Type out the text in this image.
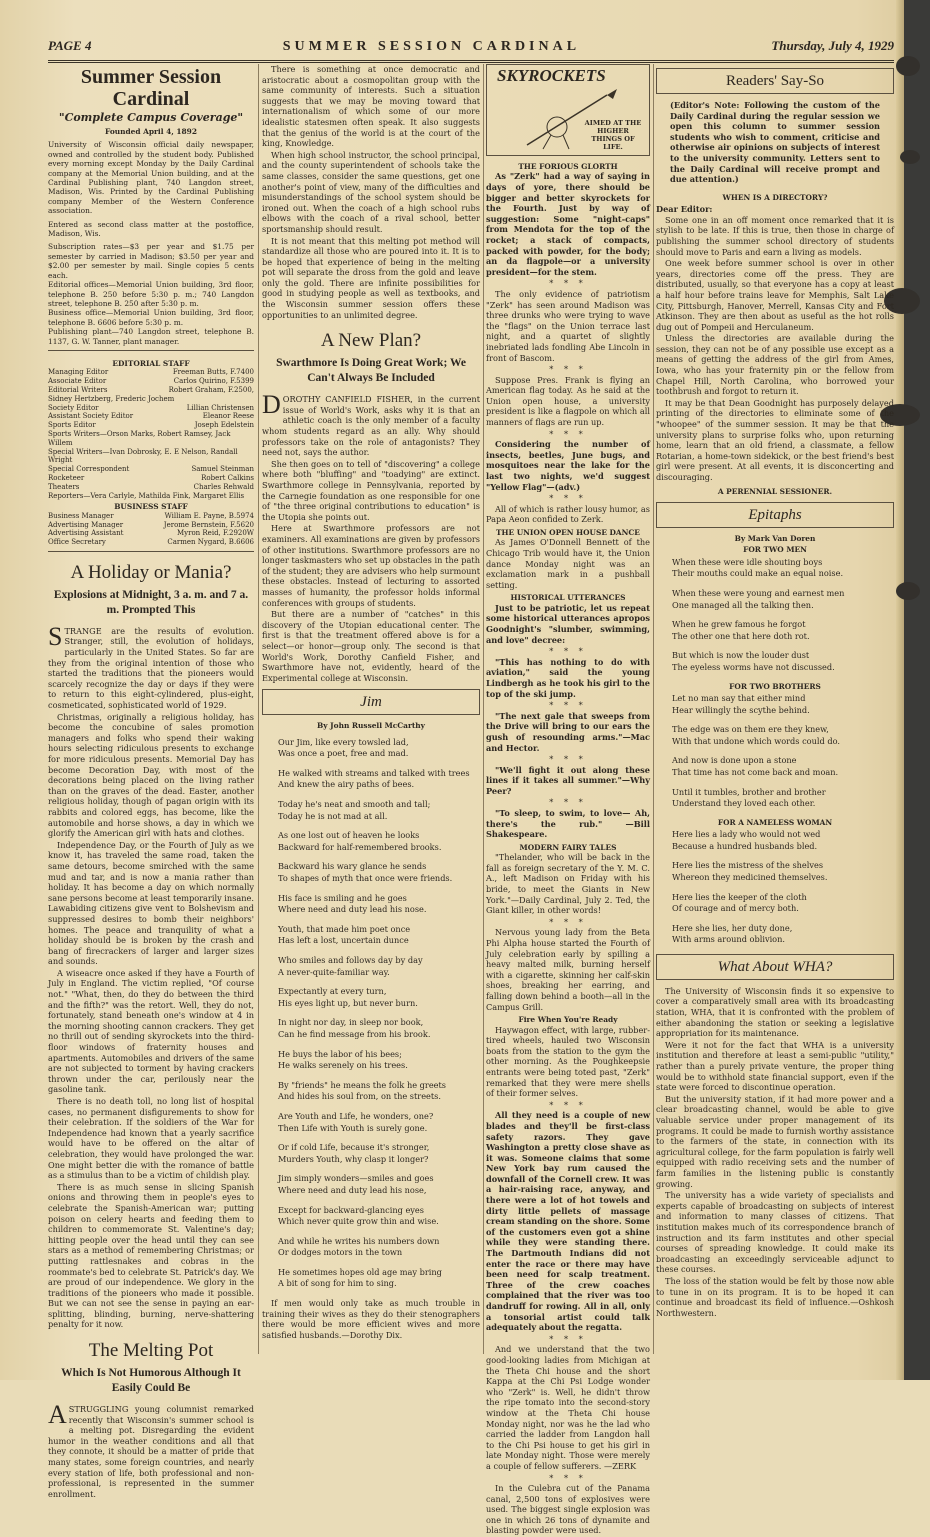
PAGE 4	SUMMER SESSION CARDINAL	Thursday, July 4, 1929
Summer Session Cardinal
"Complete Campus Coverage"
Founded April 4, 1892
University of Wisconsin official daily newspaper, owned and controlled by the student body. Published every morning except Monday by the Daily Cardinal company at the Memorial Union building, and at the Cardinal Publishing plant, 740 Langdon street, Madison, Wis. Printed by the Cardinal Publishing company Member of the Western Conference association.
Entered as second class matter at the postoffice, Madison, Wis.
Subscription rates—$3 per year and $1.75 per semester by carried in Madison; $3.50 per year and $2.00 per semester by mail. Single copies 5 cents each.
Editorial offices—Memorial Union building, 3rd floor, telephone B. 250 before 5:30 p. m.; 740 Langdon street, telephone B. 250 after 5:30 p. m.
Business office—Memorial Union building, 3rd floor, telephone B. 6606 before 5:30 p. m.
Publishing plant—740 Langdon street, telephone B. 1137, G. W. Tanner, plant manager.
EDITORIAL STAFF
Managing Editor	Freeman Butts, F.7400
Associate Editor	Carlos Quirino, F.5399
Editorial Writers	Robert Graham, F.2500,
Sidney Hertzberg, Frederic Jochem
Society Editor	Lillian Christensen
Assistant Society Editor	Eleanor Reese
Sports Editor	Joseph Edelstein
Sports Writers—Orson Marks, Robert Ramsey, Jack
Willem
Special Writers—Ivan Dobrosky, E. E Nelson, Randall
Wright
Special Correspondent	Samuel Steinman
Rocketeer	Robert Calkins
Theaters	Charles Rehwald
Reporters—Vera Carlyle, Mathilda Fink, Margaret Ellis
BUSINESS STAFF
Business Manager	William E. Payne, B.5974
Advertising Manager	Jerome Bernstein, F.5620
Advertising Assistant	Myron Reid, F.2920W
Office Secretary	Carmen Nygard, B.6606
A Holiday or Mania?
Explosions at Midnight, 3 a. m. and 7 a. m. Prompted This

STRANGE are the results of evolution. Stranger, still, the evolution of holidays, particularly in the United States. So far are they from the original intention of those who started the traditions that the pioneers would scarcely recognize the day or days if they were to return to this eight-cylindered, plus-eight, cosmeticated, sophisticated world of 1929.

Christmas, originally a religious holiday, has become the concubine of sales promotion managers and folks who spend their waking hours selecting ridiculous presents to exchange for more ridiculous presents. Memorial Day has become Decoration Day, with most of the decorations being placed on the living rather than on the graves of the dead. Easter, another religious holiday, though of pagan origin with its rabbits and colored eggs, has become, like the automobile and horse shows, a day in which we glorify the American girl with hats and clothes.

Independence Day, or the Fourth of July as we know it, has traveled the same road, taken the same detours, become smirched with the same mud and tar, and is now a mania rather than holiday. It has become a day on which normally sane persons become at least temporarily insane. Lawabiding citizens give vent to Bolshevism and suppressed desires to bomb their neighbors' homes. The peace and tranquility of what a holiday should be is broken by the crash and bang of firecrackers of larger and larger sizes and sounds.

A wiseacre once asked if they have a Fourth of July in England. The victim replied, "Of course not." "What, then, do they do between the third and the fifth?" was the retort. Well, they do not, fortunately, stand beneath one's window at 4 in the morning shooting cannon crackers. They get no thrill out of sending skyrockets into the third-floor windows of fraternity houses and apartments. Automobiles and drivers of the same are not subjected to torment by having crackers thrown under the car, perilously near the gasoline tank.

There is no death toll, no long list of hospital cases, no permanent disfigurements to show for their celebration. If the soldiers of the War for Independence had known that a yearly sacrifice would have to be offered on the altar of celebration, they would have prolonged the war. One might better die with the romance of battle as a stimulus than to be a victim of childish play.

There is as much sense in slicing Spanish onions and throwing them in people's eyes to celebrate the Spanish-American war; putting poison on celery hearts and feeding them to children to commemorate St. Valentine's day; hitting people over the head until they can see stars as a method of remembering Christmas; or putting rattlesnakes and cobras in the roommate's bed to celebrate St. Patrick's day. We are proud of our independence. We glory in the traditions of the pioneers who made it possible. But we can not see the sense in paying an ear-splitting, blinding, burning, nerve-shattering penalty for it now.

The Melting Pot
Which Is Not Humorous Although It Easily Could Be

ASTRUGGLING young columnist remarked recently that Wisconsin's summer school is a melting pot. Disregarding the evident humor in the weather conditions and all that they connote, it should be a matter of pride that many states, some foreign countries, and nearly every station of life, both professional and non-professional, is represented in the summer enrollment.

There is something at once democratic and aristocratic about a cosmopolitan group with the same community of interests. Such a situation suggests that we may be moving toward that internationalism of which some of our more idealistic statesmen often speak. It also suggests that the genius of the world is at the court of the king, Knowledge.

When high school instructor, the school principal, and the county superintendent of schools take the same classes, consider the same questions, get one another's point of view, many of the difficulties and misunderstandings of the school system should be ironed out. When the coach of a high school rubs elbows with the coach of a rival school, better sportsmanship should result.

It is not meant that this melting pot method will standardize all those who are poured into it. It is to be hoped that experience of being in the melting pot will separate the dross from the gold and leave only the gold. There are infinite possibilities for good in studying people as well as textbooks, and the Wisconsin summer session offers these opportunities to an unlimited degree.

A New Plan?
Swarthmore Is Doing Great Work; We Can't Always Be Included

DOROTHY CANFIELD FISHER, in the current issue of World's Work, asks why it is that an athletic coach is the only member of a faculty whom students regard as an ally. Why should professors take on the role of antagonists? They need not, says the author.

She then goes on to tell of "discovering" a college where both "bluffing" and "toadying" are extinct. Swarthmore college in Pennsylvania, reported by the Carnegie foundation as one responsible for one of "the three original contributions to education" is the Utopia she points out.

Here at Swarthmore professors are not examiners. All examinations are given by professors of other institutions. Swarthmore professors are no longer taskmasters who set up obstacles in the path of the student; they are advisers who help surmount these obstacles. Instead of lecturing to assorted masses of humanity, the professor holds informal conferences with groups of students.

But there are a number of "catches" in this discovery of the Utopian educational center. The first is that the treatment offered above is for a select—or honor—group only. The second is that World's Work, Dorothy Canfield Fisher, and Swarthmore have not, evidently, heard of the Experimental college at Wisconsin.

Jim
By John Russell McCarthy

Our Jim, like every towsled lad,

Was once a poet, free and mad.

He walked with streams and talked with trees

And knew the airy paths of bees.

Today he's neat and smooth and tall;

Today he is not mad at all.

As one lost out of heaven he looks

Backward for half-remembered brooks.

Backward his wary glance he sends

To shapes of myth that once were friends.

His face is smiling and he goes

Where need and duty lead his nose.

Youth, that made him poet once

Has left a lost, uncertain dunce

Who smiles and follows day by day

A never-quite-familiar way.

Expectantly at every turn,

His eyes light up, but never burn.

In night nor day, in sleep nor book,

Can he find message from his brook.

He buys the labor of his bees;

He walks serenely on his trees.

By "friends" he means the folk he greets

And hides his soul from, on the streets.

Are Youth and Life, he wonders, one?

Then Life with Youth is surely gone.

Or if cold Life, because it's stronger,

Murders Youth, why clasp it longer?

Jim simply wonders—smiles and goes

Where need and duty lead his nose,

Except for backward-glancing eyes

Which never quite grow thin and wise.

And while he writes his numbers down

Or dodges motors in the town

He sometimes hopes old age may bring

A bit of song for him to sing.

If men would only take as much trouble in training their wives as they do their stenographers there would be more efficient wives and more satisfied husbands.—Dorothy Dix.

SKYROCKETS
AIMED AT THE HIGHER THINGS OF LIFE.
THE FORIOUS GLORTH

As "Zerk" had a way of saying in days of yore, there should be bigger and better skyrockets for the Fourth. Just by way of suggestion: Some "night-caps" from Mendota for the top of the rocket; a stack of compacts, packed with powder, for the body; an da flagpole—or a university president—for the stem.

* * *

The only evidence of patriotism "Zerk" has seen around Madison was three drunks who were trying to wave the "flags" on the Union terrace last night, and a quartet of slightly inebriated lads fondling Abe Lincoln in front of Bascom.

* * *

Suppose Pres. Frank is flying an American flag today. As he said at the Union open house, a university president is like a flagpole on which all manners of flags are run up.

* * *

Considering the number of insects, beetles, June bugs, and mosquitoes near the lake for the last two nights, we'd suggest "Yellow Flag"—(adv.)

* * *

All of which is rather lousy humor, as Papa Aeon confided to Zerk.

THE UNION OPEN HOUSE DANCE

As James O'Donnell Bennett of the Chicago Trib would have it, the Union dance Monday night was an exclamation mark in a pushball setting.

HISTORICAL UTTERANCES

Just to be patriotic, let us repeat some historical utterances apropos Goodnight's "slumber, swimming, and love" decree:

* * *

"This has nothing to do with aviation," said the young Lindbergh as he took his girl to the top of the ski jump.

* * *

"The next gale that sweeps from the Drive will bring to our ears the gush of resounding arms."—Mac and Hector.

* * *

"We'll fight it out along these lines if it takes all summer."—Why Peer?

* * *

"To sleep, to swim, to love— Ah, there's the rub." —Bill Shakespeare.

MODERN FAIRY TALES

"Thelander, who will be back in the fall as foreign secretary of the Y. M. C. A., left Madison on Friday with his bride, to meet the Giants in New York."—Daily Cardinal, July 2. Ted, the Giant killer, in other words!

* * *

Nervous young lady from the Beta Phi Alpha house started the Fourth of July celebration early by spilling a heavy malted milk, burning herself with a cigarette, skinning her calf-skin shoes, breaking her earring, and falling down behind a booth—all in the Campus Grill.

Fire When You're Ready

Haywagon effect, with large, rubber-tired wheels, hauled two Wisconsin boats from the station to the gym the other morning. As the Poughkeepsie entrants were being toted past, "Zerk" remarked that they were mere shells of their former selves.

* * *

All they need is a couple of new blades and they'll be first-class safety razors. They gave Washington a pretty close shave as it was. Someone claims that some New York bay rum caused the downfall of the Cornell crew. It was a hair-raising race, anyway, and there were a lot of hot towels and dirty little pellets of massage cream standing on the shore. Some of the customers even got a shine while they were standing there. The Dartmouth Indians did not enter the race or there may have been need for scalp treatment. Three of the crew coaches complained that the river was too dandruff for rowing. All in all, only a tonsorial artist could talk adequately about the regatta.

* * *

And we understand that the two good-looking ladies from Michigan at the Theta Chi house and the short Kappa at the Chi Psi Lodge wonder who "Zerk" is. Well, he didn't throw the ripe tomato into the second-story window at the Theta Chi house Monday night, nor was he the lad who carried the ladder from Langdon hall to the Chi Psi house to get his girl in late Monday night. Those were merely a couple of fellow sufferers. —ZERK

* * *

In the Culebra cut of the Panama canal, 2,500 tons of explosives were used. The biggest single explosion was one in which 26 tons of dynamite and blasting powder were used.

Readers' Say-So
(Editor's Note: Following the custom of the Daily Cardinal during the regular session we open this column to summer session students who wish to comment, criticise and otherwise air opinions on subjects of interest to the university community. Letters sent to the Daily Cardinal will receive prompt and due attention.)
WHEN IS A DIRECTORY?
Dear Editor:

Some one in an off moment once remarked that it is stylish to be late. If this is true, then those in charge of publishing the summer school directory of students should move to Paris and earn a living as models.

One week before summer school is over in other years, directories come off the press. They are distributed, usually, so that everyone has a copy at least a half hour before trains leave for Memphis, Salt Lake City, Pittsburgh, Hanover, Merrell, Kansas City and Fort Atkinson. They are then about as useful as the hot rolls dug out of Pompeii and Herculaneum.

Unless the directories are available during the session, they can not be of any possible use except as a means of getting the address of the girl from Ames, Iowa, who has your fraternity pin or the fellow from Chapel Hill, North Carolina, who borrowed your toothbrush and forgot to return it.

It may be that Dean Goodnight has purposely delayed printing of the directories to eliminate some of the "whoopee" of the summer session. It may be that the university plans to surprise folks who, upon returning home, learn that an old friend, a classmate, a fellow Rotarian, a home-town sidekick, or the best friend's best girl were present. At all events, it is disconcerting and discouraging.

A PERENNIAL SESSIONER.
Epitaphs
By Mark Van Doren
FOR TWO MEN

When these were idle shouting boys

Their mouths could make an equal noise.

When these were young and earnest men

One managed all the talking then.

When he grew famous he forgot

The other one that here doth rot.

But which is now the louder dust

The eyeless worms have not discussed.

FOR TWO BROTHERS

Let no man say that either mind

Hear willingly the scythe behind.

The edge was on them ere they knew,

With that undone which words could do.

And now is done upon a stone

That time has not come back and moan.

Until it tumbles, brother and brother

Understand they loved each other.

FOR A NAMELESS WOMAN

Here lies a lady who would not wed

Because a hundred husbands bled.

Here lies the mistress of the shelves

Whereon they medicined themselves.

Here lies the keeper of the cloth

Of courage and of mercy both.

Here she lies, her duty done,

With arms around oblivion.

What About WHA?

The University of Wisconsin finds it so expensive to cover a comparatively small area with its broadcasting station, WHA, that it is confronted with the problem of either abandoning the station or seeking a legislative appropriation for its maintenance.

Were it not for the fact that WHA is a university institution and therefore at least a semi-public "utility," rather than a purely private venture, the proper thing would be to withhold state financial support, even if the state were forced to discontinue operation.

But the university station, if it had more power and a clear broadcasting channel, would be able to give valuable service under proper management of its programs. It could be made to furnish worthy assistance to the farmers of the state, in connection with its agricultural college, for the farm population is fairly well equipped with radio receiving sets and the number of farm families in the listening public is constantly growing.

The university has a wide variety of specialists and experts capable of broadcasting on subjects of interest and information to many classes of citizens. That institution makes much of its correspondence branch of instruction and its farm institutes and other special courses of spreading knowledge. It could make its broadcasting an exceedingly serviceable adjunct to these courses.

The loss of the station would be felt by those now able to tune in on its program. It is to be hoped it can continue and broadcast its field of influence.—Oshkosh Northwestern.
